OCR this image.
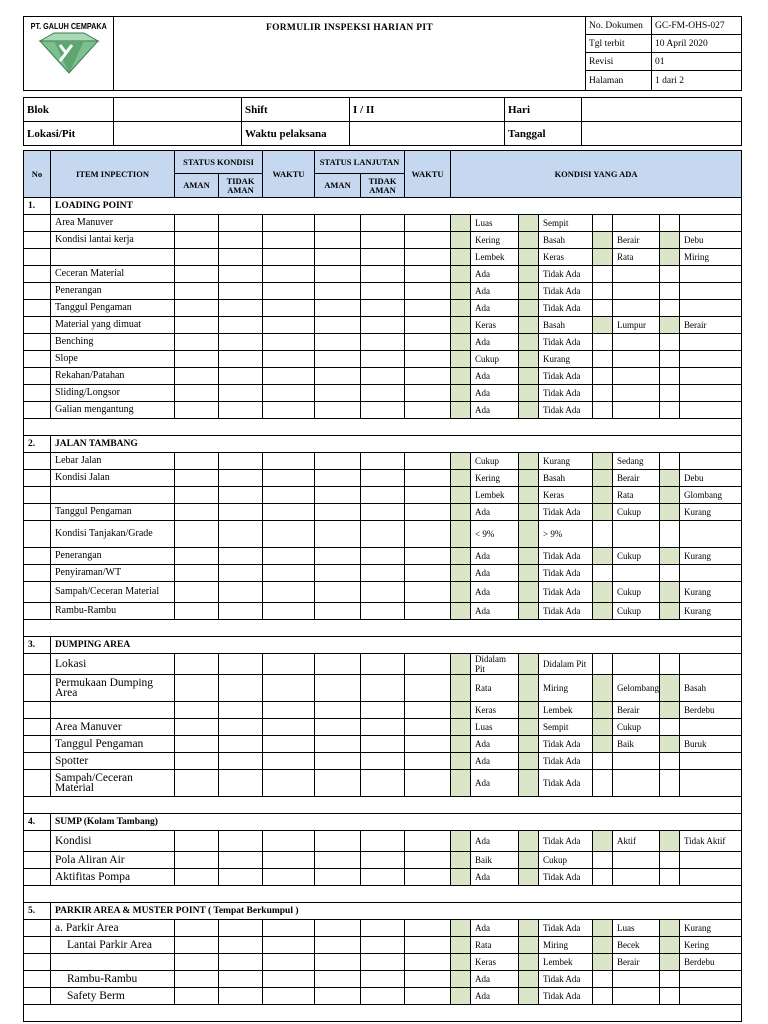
PT. GALUH CEMPAKA	FORMULIR INSPEKSI HARIAN PIT	No. Dokumen	GC-FM-OHS-027
		Tgl terbit	10 April 2020
		Revisi	01
		Halaman	1 dari 2
Blok		Shift	I / II	Hari	
Lokasi/Pit		Waktu pelaksana		Tanggal	
No	ITEM INPECTION	STATUS KONDISI		WAKTU	STATUS LANJUTAN		WAKTU	KONDISI YANG ADA							
		AMAN	TIDAK AMAN		AMAN	TIDAK AMAN									
1.	LOADING POINT														
	Area Manuver								Luas		Sempit				
	Kondisi lantai kerja								Kering		Basah		Berair		Debu
									Lembek		Keras		Rata		Miring
	Ceceran Material								Ada		Tidak Ada				
	Penerangan								Ada		Tidak Ada				
	Tanggul Pengaman								Ada		Tidak Ada				
	Material yang dimuat								Keras		Basah		Lumpur		Berair
	Benching								Ada		Tidak Ada				
	Slope								Cukup		Kurang				
	Rekahan/Patahan								Ada		Tidak Ada				
	Sliding/Longsor								Ada		Tidak Ada				
	Galian mengantung								Ada		Tidak Ada				

2.	JALAN TAMBANG														
	Lebar Jalan								Cukup		Kurang		Sedang		
	Kondisi Jalan								Kering		Basah		Berair		Debu
									Lembek		Keras		Rata		Glombang
	Tanggul Pengaman								Ada		Tidak Ada		Cukup		Kurang
	Kondisi Tanjakan/Grade								< 9%		> 9%				
	Penerangan								Ada		Tidak Ada		Cukup		Kurang
	Penyiraman/WT								Ada		Tidak Ada				
	Sampah/Ceceran Material								Ada		Tidak Ada		Cukup		Kurang
	Rambu-Rambu								Ada		Tidak Ada		Cukup		Kurang

3.	DUMPING AREA														
	Lokasi								Didalam Pit		Didalam Pit				
	Permukaan Dumping Area								Rata		Miring		Gelombang		Basah
									Keras		Lembek		Berair		Berdebu
	Area Manuver								Luas		Sempit		Cukup		
	Tanggul Pengaman								Ada		Tidak Ada		Baik		Buruk
	Spotter								Ada		Tidak Ada				
	Sampah/Ceceran Material								Ada		Tidak Ada				

4.	SUMP (Kolam Tambang)														
	Kondisi								Ada		Tidak Ada		Aktif		Tidak Aktif
	Pola Aliran Air								Baik		Cukup				
	Aktifitas Pompa								Ada		Tidak Ada				

5.	PARKIR AREA & MUSTER POINT ( Tempat Berkumpul )														
	a. Parkir Area								Ada		Tidak Ada		Luas		Kurang
	Lantai Parkir Area								Rata		Miring		Becek		Kering
									Keras		Lembek		Berair		Berdebu
	Rambu-Rambu								Ada		Tidak Ada				
	Safety Berm								Ada		Tidak Ada				
